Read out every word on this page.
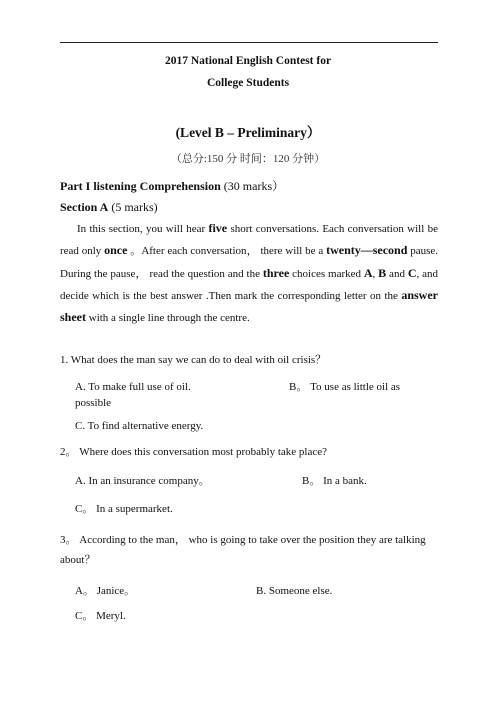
2017 National English Contest for
College Students
(Level B – Preliminary）
（总分:150 分 时间：120 分钟）
Part I listening Comprehension (30 marks）
Section A (5 marks)
In this section, you will hear five short conversations. Each conversation will be read only once 。After each conversation， there will be a twenty—second pause. During the pause， read the question and the three choices marked A, B and C, and decide which is the best answer .Then mark the corresponding letter on the answer sheet with a single line through the centre.
1. What does the man say we can do to deal with oil crisis？
A. To make full use of oil.	B。 To use as little oil as
possible
C. To find alternative energy.
2。 Where does this conversation most probably take place?
A. In an insurance company。	B。 In a bank.
C。 In a supermarket.
3。 According to the man， who is going to take over the position they are talking about？
A。 Janice。	B. Someone else.
C。 Meryl.
